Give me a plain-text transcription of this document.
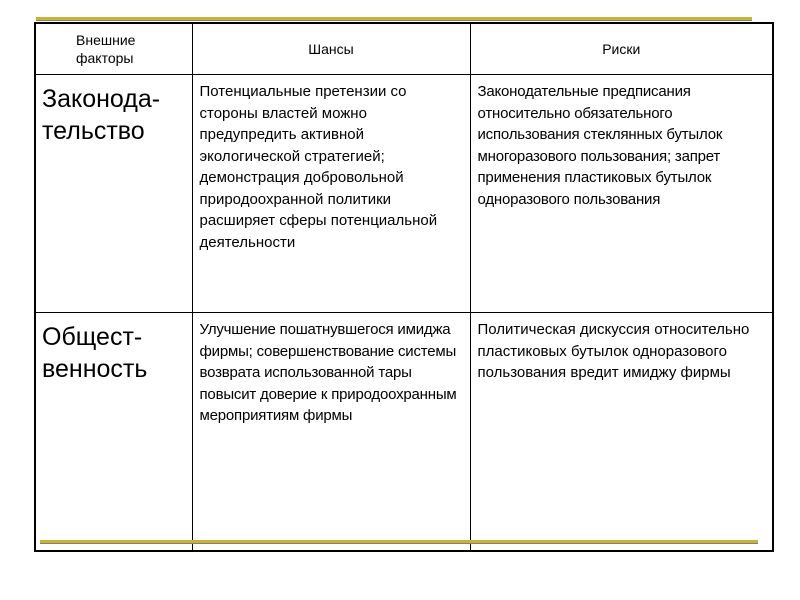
Внешние
факторы	Шансы	Риски
Законода-
тельство	Потенциальные претензии со стороны властей можно предупредить активной экологической стратегией; демонстрация добровольной природоохранной политики расширяет сферы потенциальной деятельности	Законодательные предписания относительно обязательного использования стеклянных бутылок многоразового пользования; запрет применения пластиковых бутылок одноразового пользования
Общест-
венность	Улучшение пошатнувшегося имиджа фирмы; совершенствование системы возврата использованной тары повысит доверие к природоохранным мероприятиям фирмы	Политическая дискуссия относительно пластиковых бутылок одноразового пользования вредит имиджу фирмы
